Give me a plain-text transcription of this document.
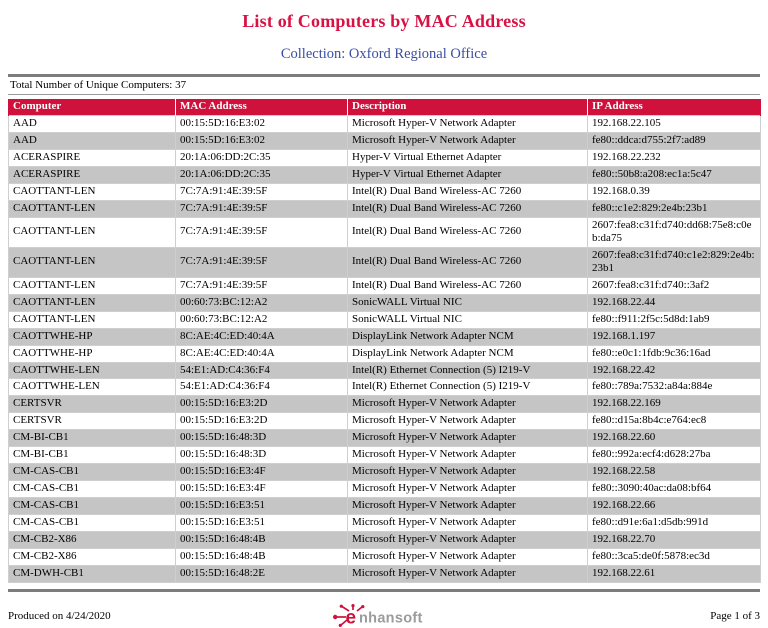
List of Computers by MAC Address
Collection: Oxford Regional Office
Total Number of Unique Computers: 37
Computer	MAC Address	Description	IP Address
AAD	00:15:5D:16:E3:02	Microsoft Hyper-V Network Adapter	192.168.22.105
AAD	00:15:5D:16:E3:02	Microsoft Hyper-V Network Adapter	fe80::ddca:d755:2f7:ad89
ACERASPIRE	20:1A:06:DD:2C:35	Hyper-V Virtual Ethernet Adapter	192.168.22.232
ACERASPIRE	20:1A:06:DD:2C:35	Hyper-V Virtual Ethernet Adapter	fe80::50b8:a208:ec1a:5c47
CAOTTANT-LEN	7C:7A:91:4E:39:5F	Intel(R) Dual Band Wireless-AC 7260	192.168.0.39
CAOTTANT-LEN	7C:7A:91:4E:39:5F	Intel(R) Dual Band Wireless-AC 7260	fe80::c1e2:829:2e4b:23b1
CAOTTANT-LEN	7C:7A:91:4E:39:5F	Intel(R) Dual Band Wireless-AC 7260	2607:fea8:c31f:d740:dd68:75e8:c0eb:da75
CAOTTANT-LEN	7C:7A:91:4E:39:5F	Intel(R) Dual Band Wireless-AC 7260	2607:fea8:c31f:d740:c1e2:829:2e4b:23b1
CAOTTANT-LEN	7C:7A:91:4E:39:5F	Intel(R) Dual Band Wireless-AC 7260	2607:fea8:c31f:d740::3af2
CAOTTANT-LEN	00:60:73:BC:12:A2	SonicWALL Virtual NIC	192.168.22.44
CAOTTANT-LEN	00:60:73:BC:12:A2	SonicWALL Virtual NIC	fe80::f911:2f5c:5d8d:1ab9
CAOTTWHE-HP	8C:AE:4C:ED:40:4A	DisplayLink Network Adapter NCM	192.168.1.197
CAOTTWHE-HP	8C:AE:4C:ED:40:4A	DisplayLink Network Adapter NCM	fe80::e0c1:1fdb:9c36:16ad
CAOTTWHE-LEN	54:E1:AD:C4:36:F4	Intel(R) Ethernet Connection (5) I219-V	192.168.22.42
CAOTTWHE-LEN	54:E1:AD:C4:36:F4	Intel(R) Ethernet Connection (5) I219-V	fe80::789a:7532:a84a:884e
CERTSVR	00:15:5D:16:E3:2D	Microsoft Hyper-V Network Adapter	192.168.22.169
CERTSVR	00:15:5D:16:E3:2D	Microsoft Hyper-V Network Adapter	fe80::d15a:8b4c:e764:ec8
CM-BI-CB1	00:15:5D:16:48:3D	Microsoft Hyper-V Network Adapter	192.168.22.60
CM-BI-CB1	00:15:5D:16:48:3D	Microsoft Hyper-V Network Adapter	fe80::992a:ecf4:d628:27ba
CM-CAS-CB1	00:15:5D:16:E3:4F	Microsoft Hyper-V Network Adapter	192.168.22.58
CM-CAS-CB1	00:15:5D:16:E3:4F	Microsoft Hyper-V Network Adapter	fe80::3090:40ac:da08:bf64
CM-CAS-CB1	00:15:5D:16:E3:51	Microsoft Hyper-V Network Adapter	192.168.22.66
CM-CAS-CB1	00:15:5D:16:E3:51	Microsoft Hyper-V Network Adapter	fe80::d91e:6a1:d5db:991d
CM-CB2-X86	00:15:5D:16:48:4B	Microsoft Hyper-V Network Adapter	192.168.22.70
CM-CB2-X86	00:15:5D:16:48:4B	Microsoft Hyper-V Network Adapter	fe80::3ca5:de0f:5878:ec3d
CM-DWH-CB1	00:15:5D:16:48:2E	Microsoft Hyper-V Network Adapter	192.168.22.61
Produced on 4/24/2020	e nhansoft	Page 1 of 3
